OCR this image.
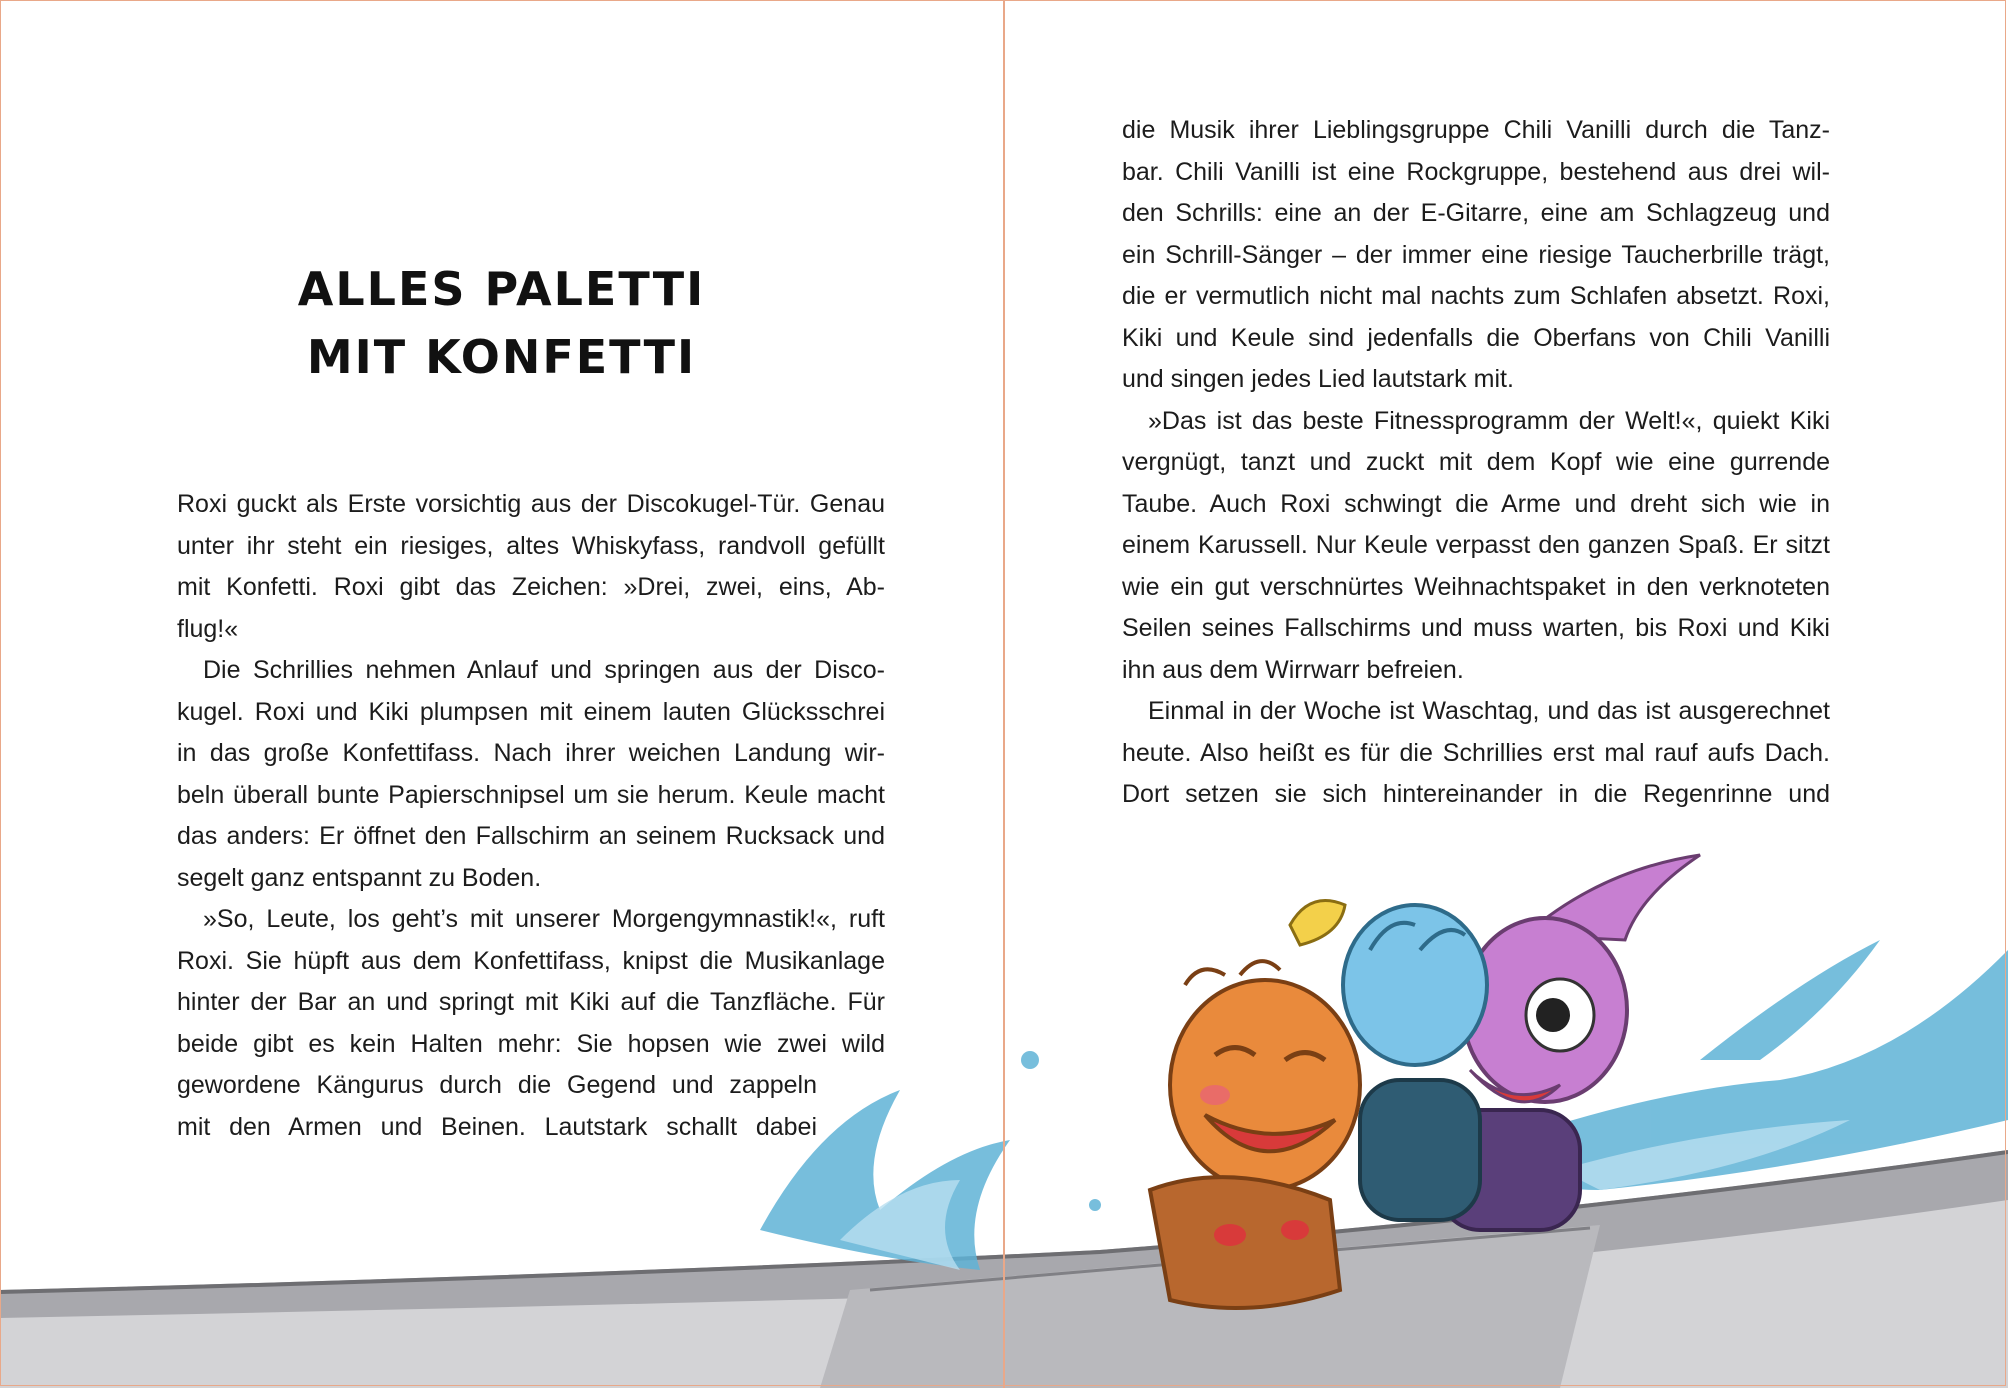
ALLES PALETTI
MIT KONFETTI
Roxi guckt als Erste vorsichtig aus der Discokugel-Tür. Genau
unter ihr steht ein riesiges, altes Whiskyfass, randvoll gefüllt
mit Konfetti. Roxi gibt das Zeichen: »Drei, zwei, eins, Ab-
flug!«
Die Schrillies nehmen Anlauf und springen aus der Disco-
kugel. Roxi und Kiki plumpsen mit einem lauten Glücksschrei
in das große Konfettifass. Nach ihrer weichen Landung wir-
beln überall bunte Papierschnipsel um sie herum. Keule macht
das anders: Er öffnet den Fallschirm an seinem Rucksack und
segelt ganz entspannt zu Boden.
»So, Leute, los geht’s mit unserer Morgengymnastik!«, ruft
Roxi. Sie hüpft aus dem Konfettifass, knipst die Musikanlage
hinter der Bar an und springt mit Kiki auf die Tanzfläche. Für
beide gibt es kein Halten mehr: Sie hopsen wie zwei wild
gewordene Kängurus durch die Gegend und zappeln
mit den Armen und Beinen. Lautstark schallt dabei
die Musik ihrer Lieblingsgruppe Chili Vanilli durch die Tanz-
bar. Chili Vanilli ist eine Rockgruppe, bestehend aus drei wil-
den Schrills: eine an der E-Gitarre, eine am Schlagzeug und
ein Schrill-Sänger – der immer eine riesige Taucherbrille trägt,
die er vermutlich nicht mal nachts zum Schlafen absetzt. Roxi,
Kiki und Keule sind jedenfalls die Oberfans von Chili Vanilli
und singen jedes Lied lautstark mit.
»Das ist das beste Fitnessprogramm der Welt!«, quiekt Kiki
vergnügt, tanzt und zuckt mit dem Kopf wie eine gurrende
Taube. Auch Roxi schwingt die Arme und dreht sich wie in
einem Karussell. Nur Keule verpasst den ganzen Spaß. Er sitzt
wie ein gut verschnürtes Weihnachtspaket in den verknoteten
Seilen seines Fallschirms und muss warten, bis Roxi und Kiki
ihn aus dem Wirrwarr befreien.
Einmal in der Woche ist Waschtag, und das ist ausgerechnet
heute. Also heißt es für die Schrillies erst mal rauf aufs Dach.
Dort setzen sie sich hintereinander in die Regenrinne und
